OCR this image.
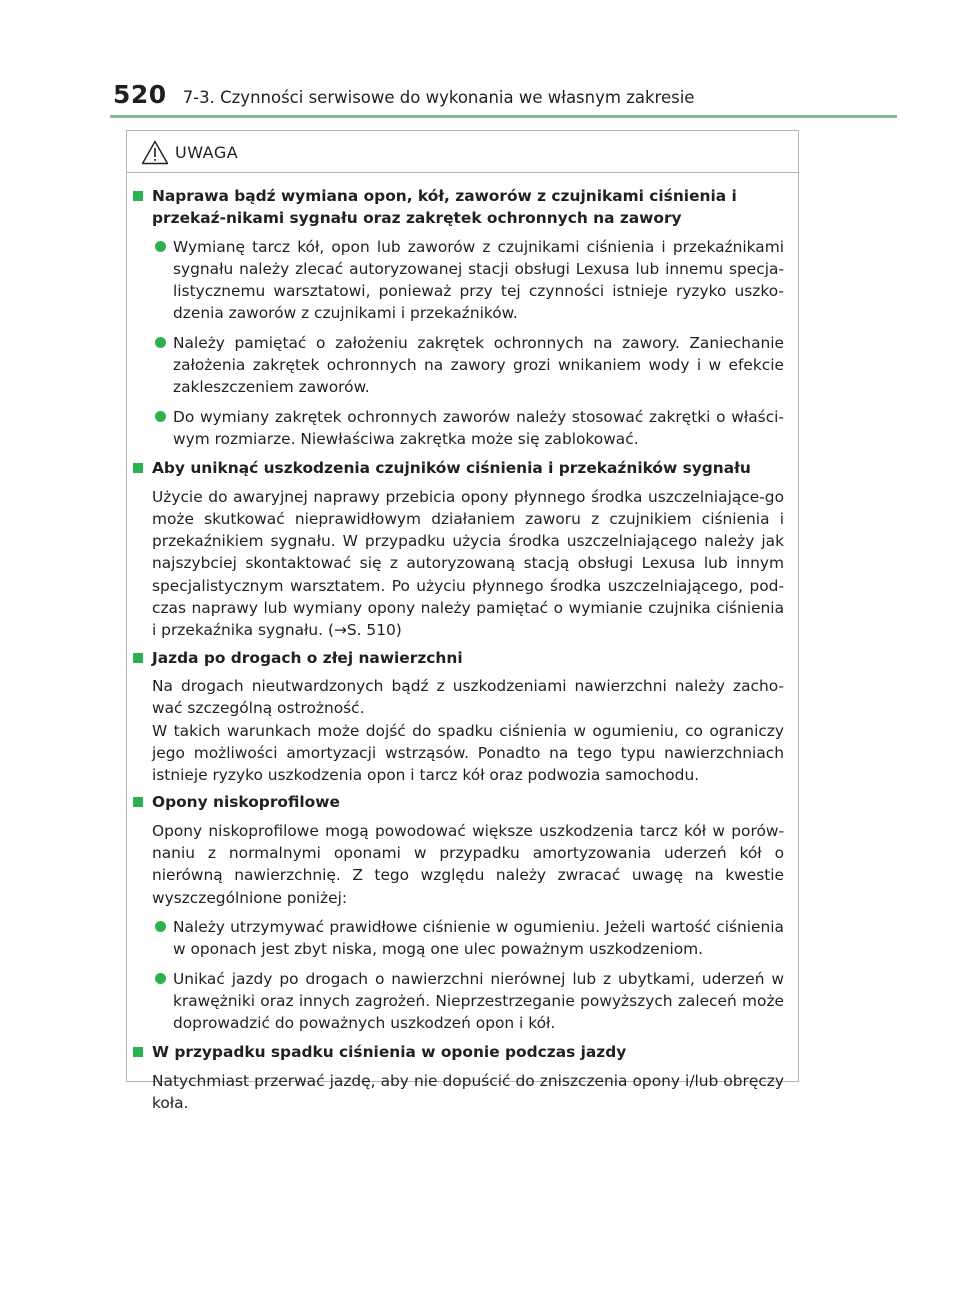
520 7-3. Czynności serwisowe do wykonania we własnym zakresie
UWAGA
Naprawa bądź wymiana opon, kół, zaworów z czujnikami ciśnienia i przekaź-nikami sygnału oraz zakrętek ochronnych na zawory
Wymianę tarcz kół, opon lub zaworów z czujnikami ciśnienia i przekaźnikami sygnału należy zlecać autoryzowanej stacji obsługi Lexusa lub innemu specja-listycznemu warsztatowi, ponieważ przy tej czynności istnieje ryzyko uszko-dzenia zaworów z czujnikami i przekaźników.
Należy pamiętać o założeniu zakrętek ochronnych na zawory. Zaniechanie założenia zakrętek ochronnych na zawory grozi wnikaniem wody i w efekcie zakleszczeniem zaworów.
Do wymiany zakrętek ochronnych zaworów należy stosować zakrętki o właści-wym rozmiarze. Niewłaściwa zakrętka może się zablokować.
Aby uniknąć uszkodzenia czujników ciśnienia i przekaźników sygnału
Użycie do awaryjnej naprawy przebicia opony płynnego środka uszczelniające-go może skutkować nieprawidłowym działaniem zaworu z czujnikiem ciśnienia i przekaźnikiem sygnału. W przypadku użycia środka uszczelniającego należy jak najszybciej skontaktować się z autoryzowaną stacją obsługi Lexusa lub innym specjalistycznym warsztatem. Po użyciu płynnego środka uszczelniającego, pod-czas naprawy lub wymiany opony należy pamiętać o wymianie czujnika ciśnienia i przekaźnika sygnału. (→S. 510)
Jazda po drogach o złej nawierzchni
Na drogach nieutwardzonych bądź z uszkodzeniami nawierzchni należy zacho-wać szczególną ostrożność.
W takich warunkach może dojść do spadku ciśnienia w ogumieniu, co ograniczy jego możliwości amortyzacji wstrząsów. Ponadto na tego typu nawierzchniach istnieje ryzyko uszkodzenia opon i tarcz kół oraz podwozia samochodu.
Opony niskoprofilowe
Opony niskoprofilowe mogą powodować większe uszkodzenia tarcz kół w porów-naniu z normalnymi oponami w przypadku amortyzowania uderzeń kół o nierówną nawierzchnię. Z tego względu należy zwracać uwagę na kwestie wyszczególnione poniżej:
Należy utrzymywać prawidłowe ciśnienie w ogumieniu. Jeżeli wartość ciśnienia w oponach jest zbyt niska, mogą one ulec poważnym uszkodzeniom.
Unikać jazdy po drogach o nawierzchni nierównej lub z ubytkami, uderzeń w krawężniki oraz innych zagrożeń. Nieprzestrzeganie powyższych zaleceń może doprowadzić do poważnych uszkodzeń opon i kół.
W przypadku spadku ciśnienia w oponie podczas jazdy
Natychmiast przerwać jazdę, aby nie dopuścić do zniszczenia opony i/lub obręczy koła.
